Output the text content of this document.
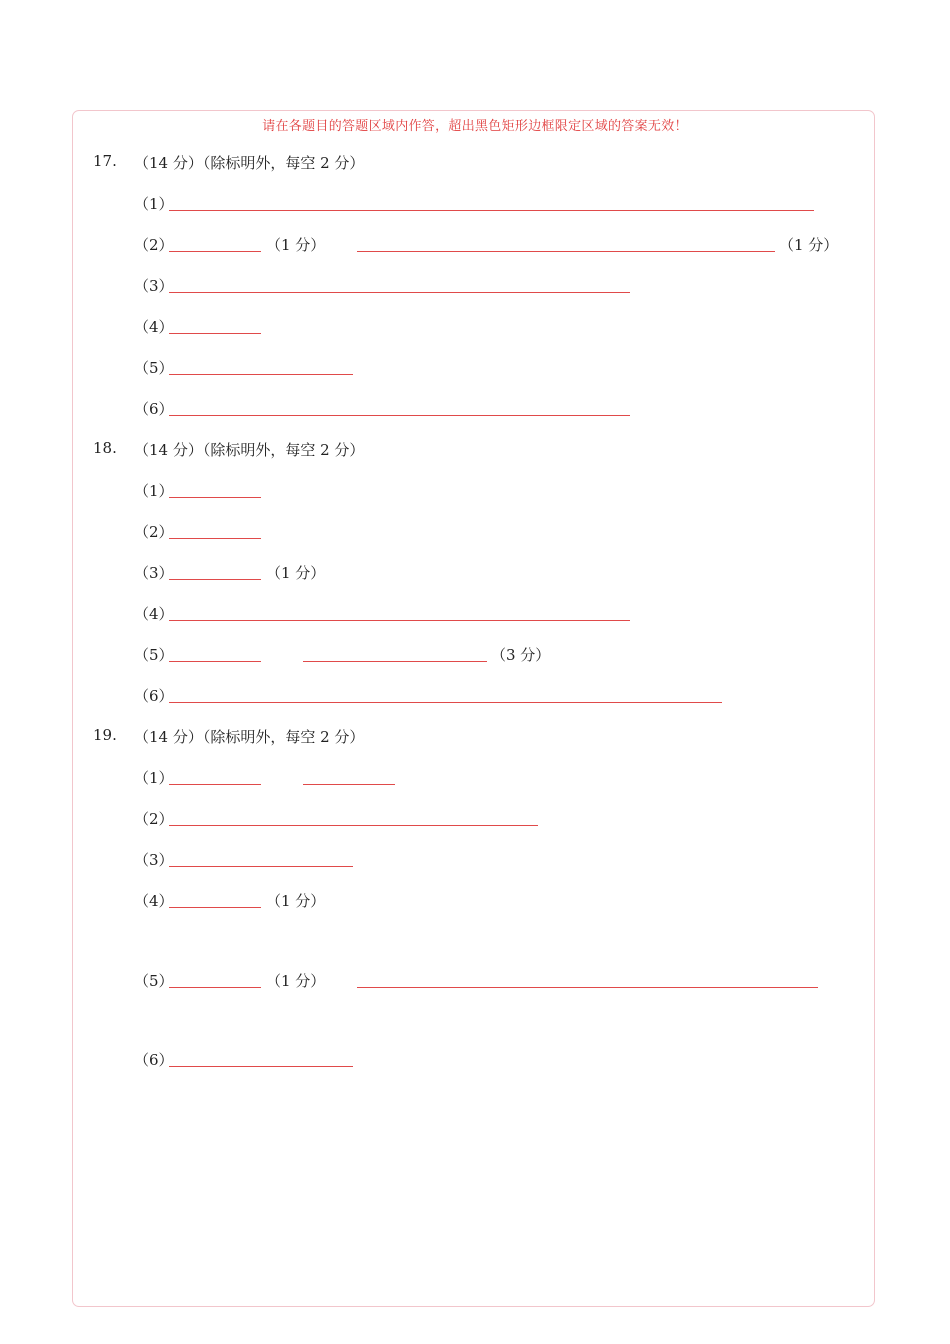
请在各题目的答题区域内作答，超出黑色矩形边框限定区域的答案无效！
17. （14 分）（除标明外，每空 2 分）
（1）
（2）	（1 分）	（1 分）
（3）
（4）
（5）
（6）
18. （14 分）（除标明外，每空 2 分）
（1）
（2）
（3）	（1 分）
（4）
（5）	（3 分）
（6）
19. （14 分）（除标明外，每空 2 分）
（1）
（2）
（3）
（4）	（1 分）
（5）	（1 分）
（6）
